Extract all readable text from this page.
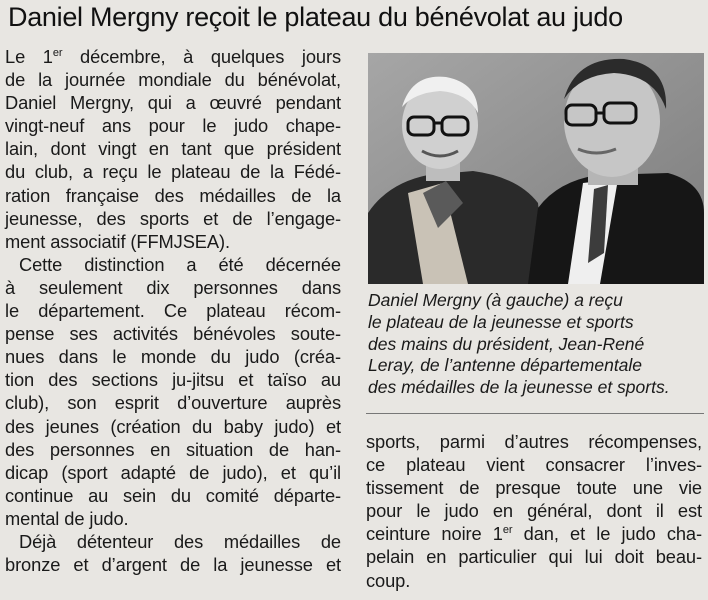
Daniel Mergny reçoit le plateau du bénévolat au judo
Le 1er décembre, à quelques jours
de la journée mondiale du bénévolat,
Daniel Mergny, qui a œuvré pendant
vingt-neuf ans pour le judo chape-
lain, dont vingt en tant que président
du club, a reçu le plateau de la Fédé-
ration française des médailles de la
jeunesse, des sports et de l’engage-
ment associatif (FFMJSEA).
Cette distinction a été décernée
à seulement dix personnes dans
le département. Ce plateau récom-
pense ses activités bénévoles soute-
nues dans le monde du judo (créa-
tion des sections ju-jitsu et taïso au
club), son esprit d’ouverture auprès
des jeunes (création du baby judo) et
des personnes en situation de han-
dicap (sport adapté de judo), et qu’il
continue au sein du comité départe-
mental de judo.
Déjà détenteur des médailles de
bronze et d’argent de la jeunesse et
Daniel Mergny (à gauche) a reçu
le plateau de la jeunesse et sports
des mains du président, Jean-René
Leray, de l’antenne départementale
des médailles de la jeunesse et sports.
sports, parmi d’autres récompenses,
ce plateau vient consacrer l’inves-
tissement de presque toute une vie
pour le judo en général, dont il est
ceinture noire 1er dan, et le judo cha-
pelain en particulier qui lui doit beau-
coup.
